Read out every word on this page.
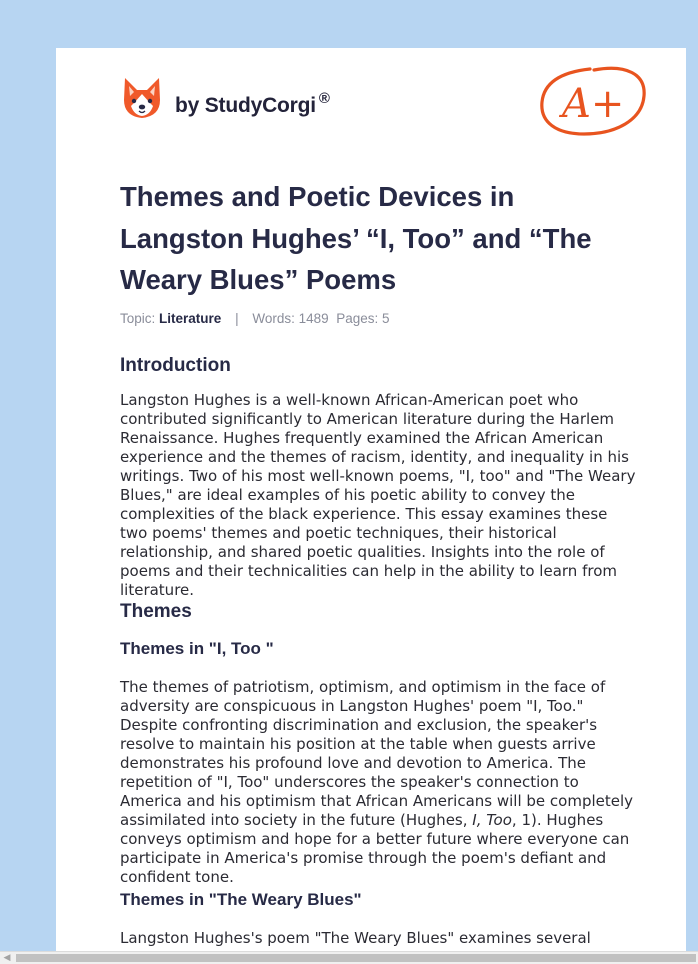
by StudyCorgi ®	A+
Themes and Poetic Devices in Langston Hughes’ “I, Too” and “The Weary Blues” Poems
Topic: Literature | Words: 1489 Pages: 5
Introduction

Langston Hughes is a well-known African-American poet who contributed significantly to American literature during the Harlem Renaissance. Hughes frequently examined the African American experience and the themes of racism, identity, and inequality in his writings. Two of his most well-known poems, "I, too" and "The Weary Blues," are ideal examples of his poetic ability to convey the complexities of the black experience. This essay examines these two poems' themes and poetic techniques, their historical relationship, and shared poetic qualities. Insights into the role of poems and their technicalities can help in the ability to learn from literature.

Themes
Themes in "I, Too "

The themes of patriotism, optimism, and optimism in the face of adversity are conspicuous in Langston Hughes' poem "I, Too." Despite confronting discrimination and exclusion, the speaker's resolve to maintain his position at the table when guests arrive demonstrates his profound love and devotion to America. The repetition of "I, Too" underscores the speaker's connection to America and his optimism that African Americans will be completely assimilated into society in the future (Hughes, I, Too, 1). Hughes conveys optimism and hope for a better future where everyone can participate in America's promise through the poem's defiant and confident tone.

Themes in "The Weary Blues"

Langston Hughes's poem "The Weary Blues" examines several

◀
